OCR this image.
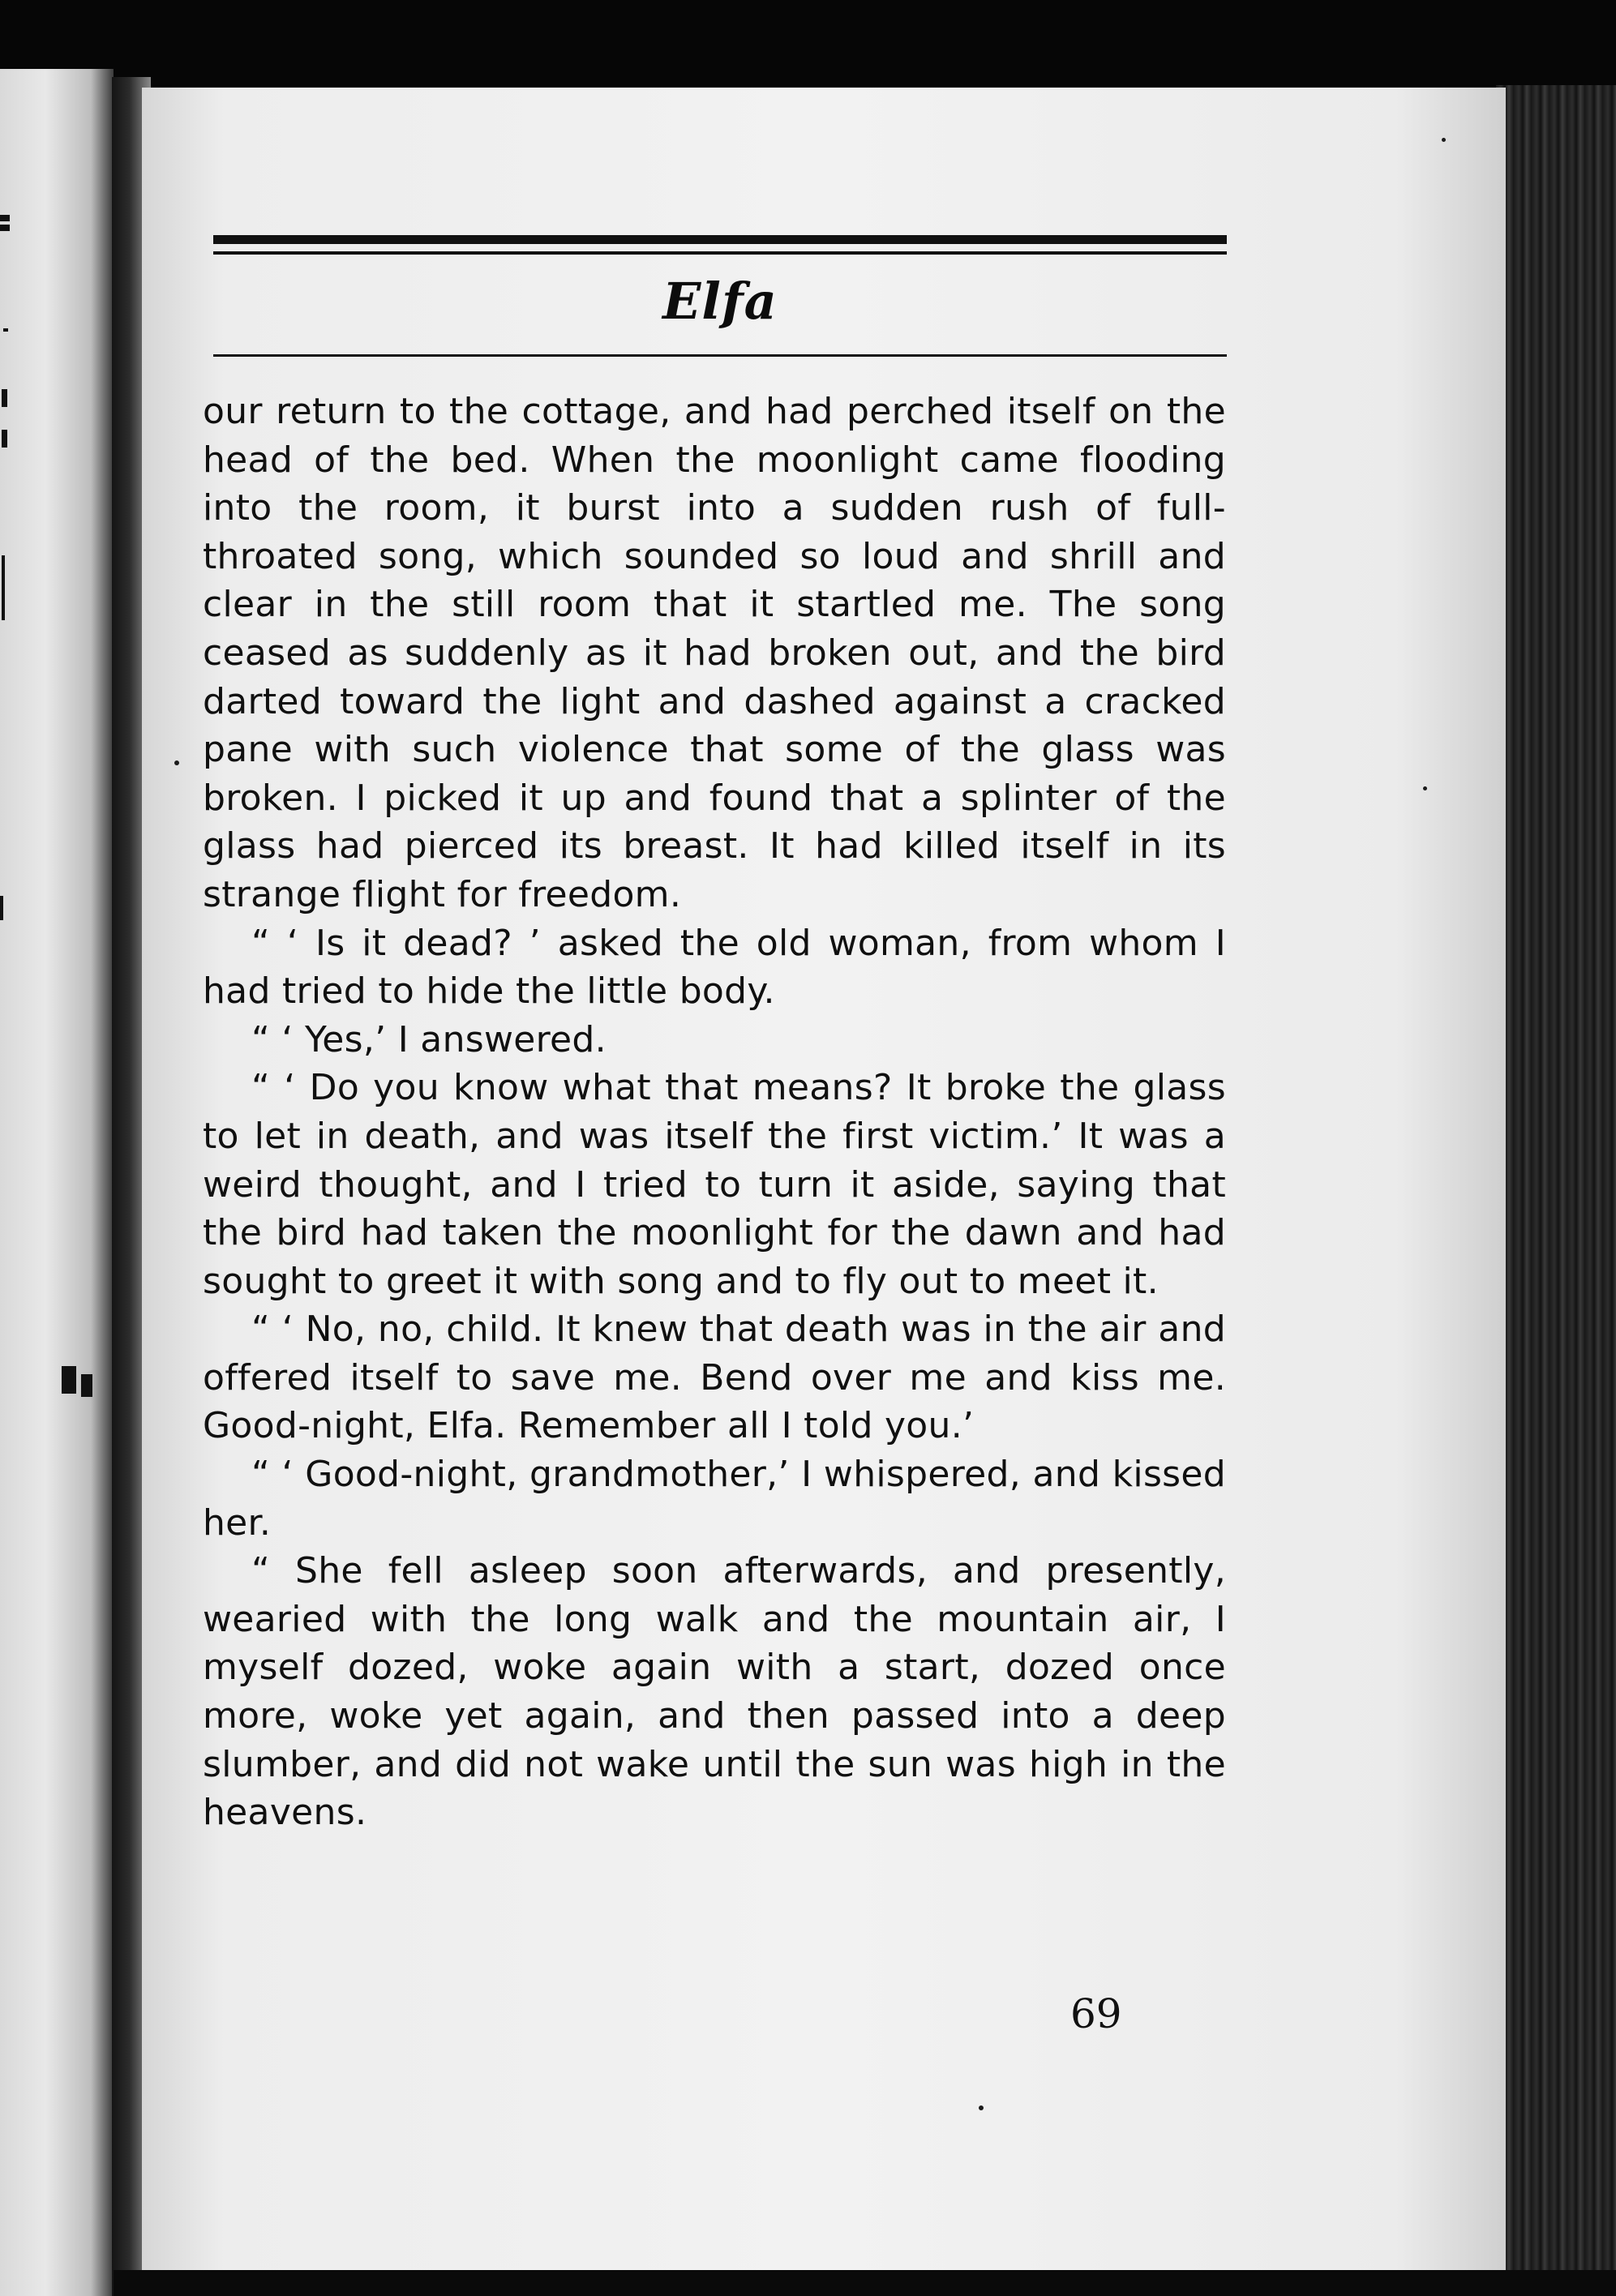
Elfa

our return to the cottage, and had perched itself on the head of the bed. When the moonlight came flooding into the room, it burst into a sudden rush of full-throated song, which sounded so loud and shrill and clear in the still room that it startled me. The song ceased as suddenly as it had broken out, and the bird darted toward the light and dashed against a cracked pane with such violence that some of the glass was broken. I picked it up and found that a splinter of the glass had pierced its breast. It had killed itself in its strange flight for freedom.

“ ‘ Is it dead? ’ asked the old woman, from whom I had tried to hide the little body.

“ ‘ Yes,’ I answered.

“ ‘ Do you know what that means? It broke the glass to let in death, and was itself the first victim.’ It was a weird thought, and I tried to turn it aside, saying that the bird had taken the moonlight for the dawn and had sought to greet it with song and to fly out to meet it.

“ ‘ No, no, child. It knew that death was in the air and offered itself to save me. Bend over me and kiss me. Good-night, Elfa. Remember all I told you.’

“ ‘ Good-night, grandmother,’ I whispered, and kissed her.

“ She fell asleep soon afterwards, and presently, wearied with the long walk and the mountain air, I myself dozed, woke again with a start, dozed once more, woke yet again, and then passed into a deep slumber, and did not wake until the sun was high in the heavens.

69
